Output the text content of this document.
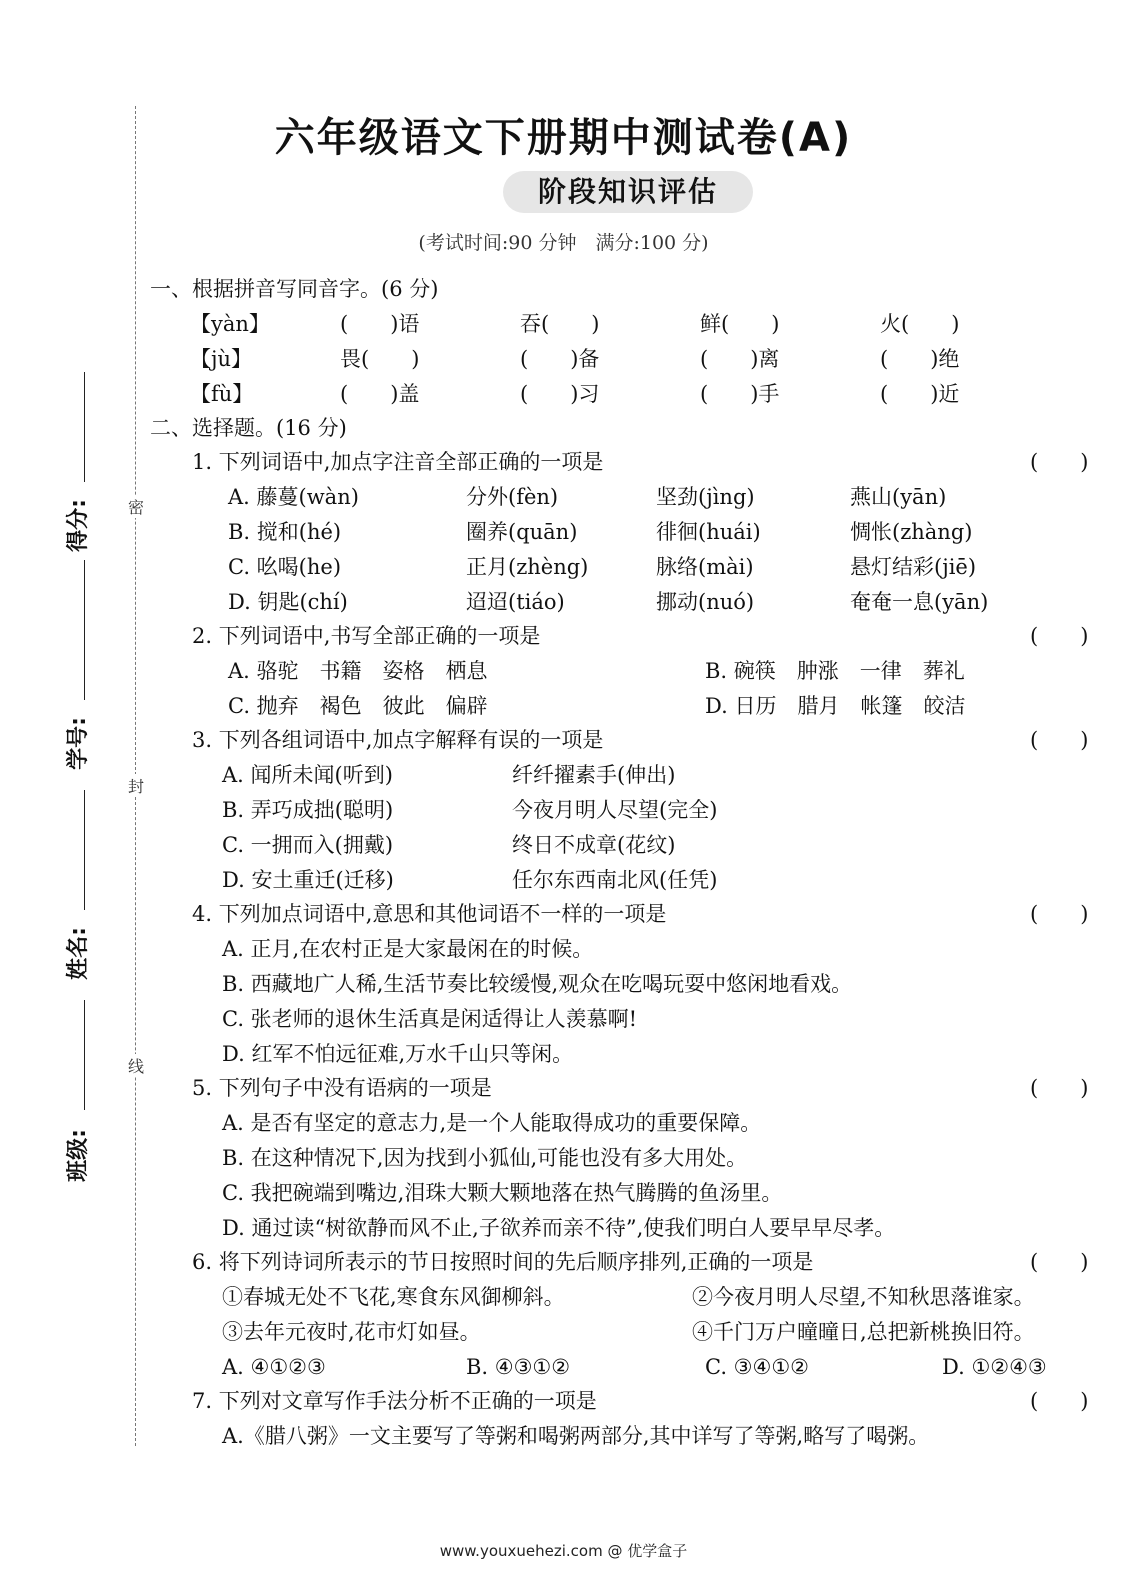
六年级语文下册期中测试卷(A)
阶段知识评估
(考试时间:90 分钟　满分:100 分)
得分:
学号:
姓名:
班级:
密
封
线
一、根据拼音写同音字。(6 分)
【yàn】	(　　)语	吞(　　)	鲜(　　)	火(　　)
【jù】	畏(　　)	(　　)备	(　　)离	(　　)绝
【fù】	(　　)盖	(　　)习	(　　)手	(　　)近
二、选择题。(16 分)
1. 下列词语中,加点字注音全部正确的一项是	(　　)
A. 藤蔓(wàn)	分外(fèn)	坚劲(jìng)	燕山(yān)
B. 搅和(hé)	圈养(quān)	徘徊(huái)	惆怅(zhàng)
C. 吆喝(he)	正月(zhèng)	脉络(mài)	悬灯结彩(jiē)
D. 钥匙(chí)	迢迢(tiáo)	挪动(nuó)	奄奄一息(yān)
2. 下列词语中,书写全部正确的一项是	(　　)
A. 骆驼　书籍　姿格　栖息	B. 碗筷　肿涨　一律　葬礼
C. 抛弃　褐色　彼此　偏辟	D. 日历　腊月　帐篷　皎洁
3. 下列各组词语中,加点字解释有误的一项是	(　　)
A. 闻所未闻(听到)	纤纤擢素手(伸出)
B. 弄巧成拙(聪明)	今夜月明人尽望(完全)
C. 一拥而入(拥戴)	终日不成章(花纹)
D. 安土重迁(迁移)	任尔东西南北风(任凭)
4. 下列加点词语中,意思和其他词语不一样的一项是	(　　)
A. 正月,在农村正是大家最闲在的时候。
B. 西藏地广人稀,生活节奏比较缓慢,观众在吃喝玩耍中悠闲地看戏。
C. 张老师的退休生活真是闲适得让人羡慕啊!
D. 红军不怕远征难,万水千山只等闲。
5. 下列句子中没有语病的一项是	(　　)
A. 是否有坚定的意志力,是一个人能取得成功的重要保障。
B. 在这种情况下,因为找到小狐仙,可能也没有多大用处。
C. 我把碗端到嘴边,泪珠大颗大颗地落在热气腾腾的鱼汤里。
D. 通过读“树欲静而风不止,子欲养而亲不待”,使我们明白人要早早尽孝。
6. 将下列诗词所表示的节日按照时间的先后顺序排列,正确的一项是	(　　)
①春城无处不飞花,寒食东风御柳斜。	②今夜月明人尽望,不知秋思落谁家。
③去年元夜时,花市灯如昼。	④千门万户曈曈日,总把新桃换旧符。
A. ④①②③	B. ④③①②	C. ③④①②	D. ①②④③
7. 下列对文章写作手法分析不正确的一项是	(　　)
A.《腊八粥》一文主要写了等粥和喝粥两部分,其中详写了等粥,略写了喝粥。
www.youxuehezi.com @ 优学盒子
